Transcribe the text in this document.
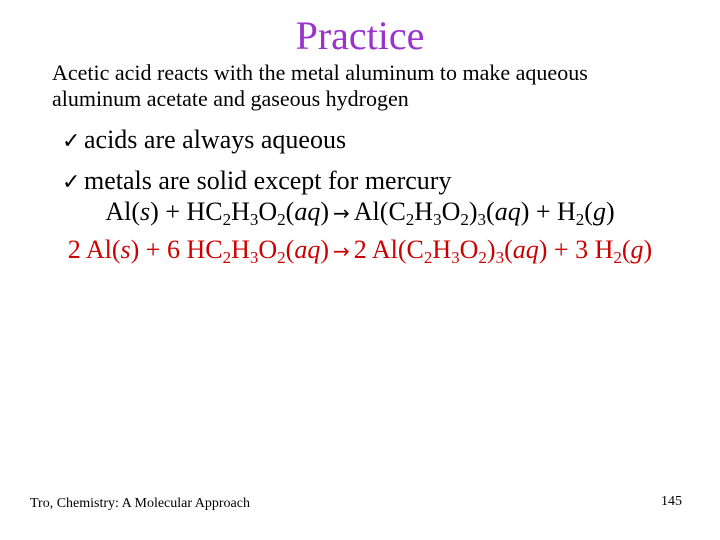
Practice
Acetic acid reacts with the metal aluminum to make aqueous
aluminum acetate and gaseous hydrogen
✓ acids are always aqueous
✓ metals are solid except for mercury
$Al(s) + HC_2H_3O_2(aq) \to Al(C_2H_3O_2)_3(aq) + H_2(g)$
2 Al(s) + 6 $HC_2H_3O_2(aq) \to 2$ $Al(C_2H_3O_2)_3(aq) + 3$ $H_2(g)$
Tro, Chemistry: A Molecular Approach	145
